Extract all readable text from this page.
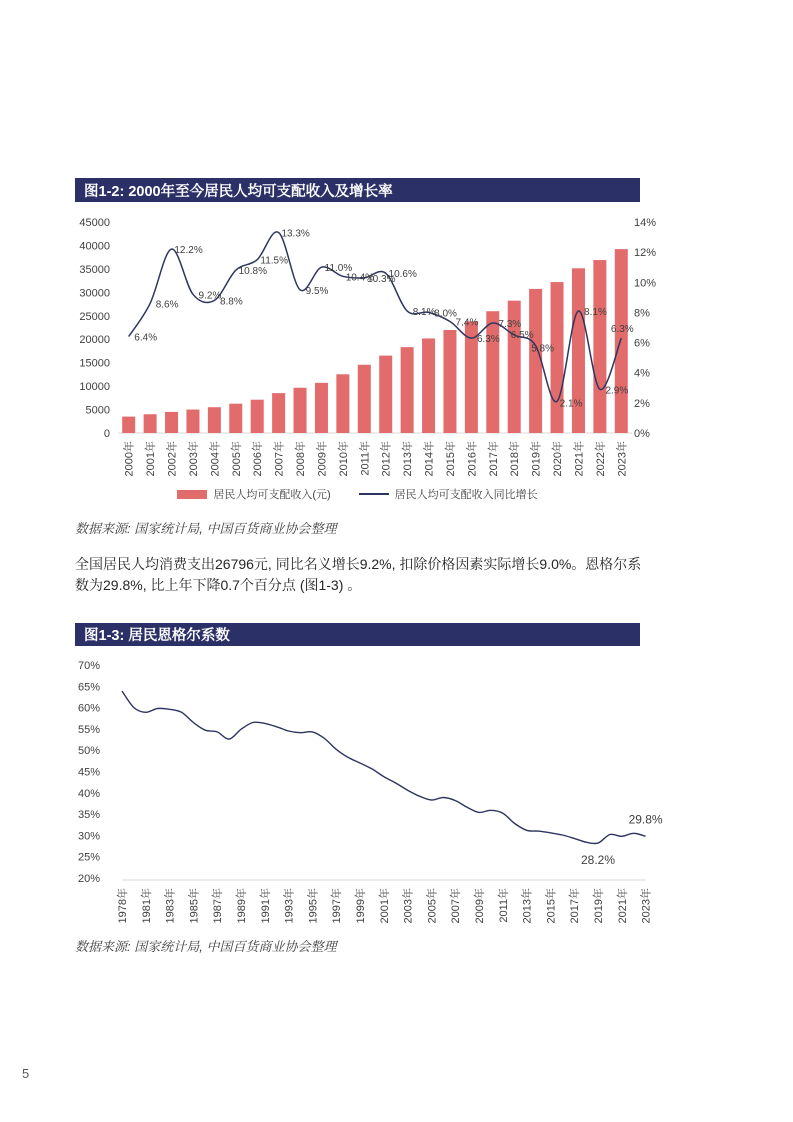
图1-2: 2000年至今居民人均可支配收入及增长率
0
5000
10000
15000
20000
25000
30000
35000
40000
45000
0%
2%
4%
6%
8%
10%
12%
14%
6.4%
8.6%
12.2%
9.2%
8.8%
10.8%
11.5%
13.3%
9.5%
11.0%
10.4%
10.3%
10.6%
8.1%
8.0%
7.4%
6.3%
7.3%
6.5%
5.8%
2.1%
8.1%
2.9%
6.3%
2000年 2001年 2002年 2003年 2004年 2005年 2006年 2007年 2008年 2009年 2010年 2011年 2012年 2013年 2014年 2015年 2016年 2017年 2018年 2019年 2020年 2021年 2022年 2023年
居民人均可支配收入(元)	居民人均可支配收入同比增长
数据来源: 国家统计局, 中国百货商业协会整理
全国居民人均消费支出26796元, 同比名义增长9.2%, 扣除价格因素实际增长9.0%。恩格尔系数为29.8%, 比上年下降0.7个百分点 (图1-3) 。
图1-3: 居民恩格尔系数
20%
25%
30%
35%
40%
45%
50%
55%
60%
65%
70%
1978年 1981年 1983年 1985年 1987年 1989年 1991年 1993年 1995年 1997年 1999年 2001年 2003年 2005年 2007年 2009年 2011年 2013年 2015年 2017年 2019年 2021年 2023年
28.2%
29.8%
数据来源: 国家统计局, 中国百货商业协会整理
5
